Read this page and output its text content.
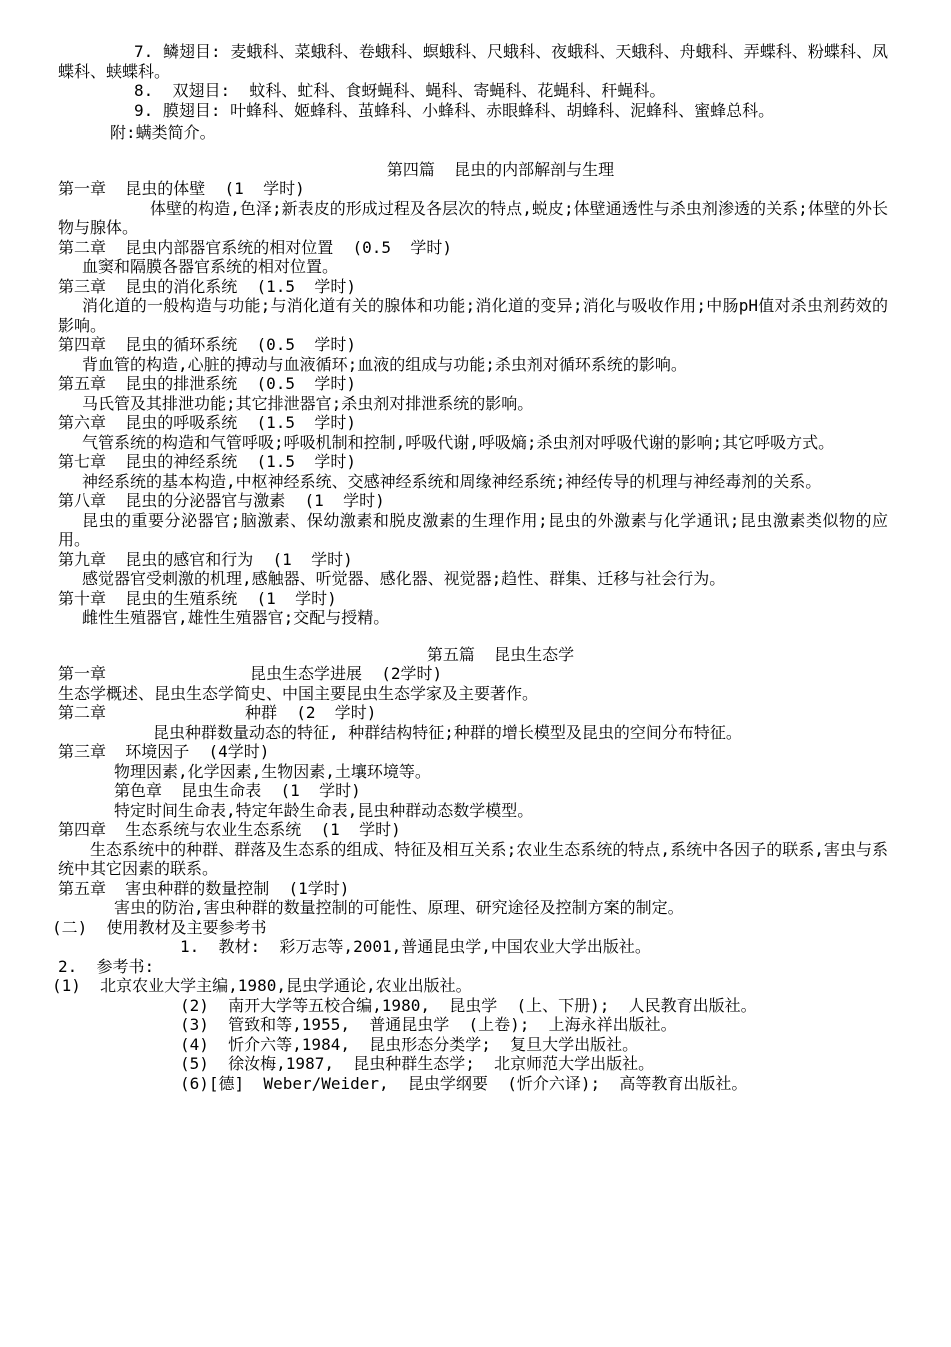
7. 鳞翅目: 麦蛾科、菜蛾科、卷蛾科、螟蛾科、尺蛾科、夜蛾科、天蛾科、舟蛾科、弄蝶科、粉蝶科、凤蝶科、蛱蝶科。

8.  双翅目:  蚊科、虻科、食蚜蝇科、蝇科、寄蝇科、花蝇科、秆蝇科。

9. 膜翅目: 叶蜂科、姬蜂科、茧蜂科、小蜂科、赤眼蜂科、胡蜂科、泥蜂科、蜜蜂总科。

附:螨类简介。

第四篇  昆虫的内部解剖与生理

第一章  昆虫的体壁  (1  学时)

体壁的构造,色泽;新表皮的形成过程及各层次的特点,蜕皮;体壁通透性与杀虫剂渗透的关系;体壁的外长物与腺体。

第二章  昆虫内部器官系统的相对位置  (0.5  学时)

血窦和隔膜各器官系统的相对位置。

第三章  昆虫的消化系统  (1.5  学时)

消化道的一般构造与功能;与消化道有关的腺体和功能;消化道的变异;消化与吸收作用;中肠pH值对杀虫剂药效的影响。

第四章  昆虫的循环系统  (0.5  学时)

背血管的构造,心脏的搏动与血液循环;血液的组成与功能;杀虫剂对循环系统的影响。

第五章  昆虫的排泄系统  (0.5  学时)

马氏管及其排泄功能;其它排泄器官;杀虫剂对排泄系统的影响。

第六章  昆虫的呼吸系统  (1.5  学时)

气管系统的构造和气管呼吸;呼吸机制和控制,呼吸代谢,呼吸熵;杀虫剂对呼吸代谢的影响;其它呼吸方式。

第七章  昆虫的神经系统  (1.5  学时)

神经系统的基本构造,中枢神经系统、交感神经系统和周缘神经系统;神经传导的机理与神经毒剂的关系。

第八章  昆虫的分泌器官与激素  (1  学时)

昆虫的重要分泌器官;脑激素、保幼激素和脱皮激素的生理作用;昆虫的外激素与化学通讯;昆虫激素类似物的应用。

第九章  昆虫的感官和行为  (1  学时)

感觉器官受刺激的机理,感触器、听觉器、感化器、视觉器;趋性、群集、迁移与社会行为。

第十章  昆虫的生殖系统  (1  学时)

雌性生殖器官,雄性生殖器官;交配与授精。

第五篇  昆虫生态学

第一章	昆虫生态学进展  (2学时)

生态学概述、昆虫生态学简史、中国主要昆虫生态学家及主要著作。

第二章	种群  (2  学时)

昆虫种群数量动态的特征, 种群结构特征;种群的增长模型及昆虫的空间分布特征。

第三章  环境因子  (4学时)

物理因素,化学因素,生物因素,土壤环境等。

第色章  昆虫生命表  (1  学时)

特定时间生命表,特定年龄生命表,昆虫种群动态数学模型。

第四章  生态系统与农业生态系统  (1  学时)

生态系统中的种群、群落及生态系的组成、特征及相互关系;农业生态系统的特点,系统中各因子的联系,害虫与系统中其它因素的联系。

第五章  害虫种群的数量控制  (1学时)

害虫的防治,害虫种群的数量控制的可能性、原理、研究途径及控制方案的制定。

(二)  使用教材及主要参考书

1.  教材:  彩万志等,2001,普通昆虫学,中国农业大学出版社。

2.  参考书:

(1)  北京农业大学主编,1980,昆虫学通论,农业出版社。

(2)  南开大学等五校合编,1980,  昆虫学  (上、下册);  人民教育出版社。

(3)  管致和等,1955,  普通昆虫学  (上卷);  上海永祥出版社。

(4)  忻介六等,1984,  昆虫形态分类学;  复旦大学出版社。

(5)  徐汝梅,1987,  昆虫种群生态学;  北京师范大学出版社。

(6)[德]  Weber/Weider,  昆虫学纲要  (忻介六译);  高等教育出版社。
